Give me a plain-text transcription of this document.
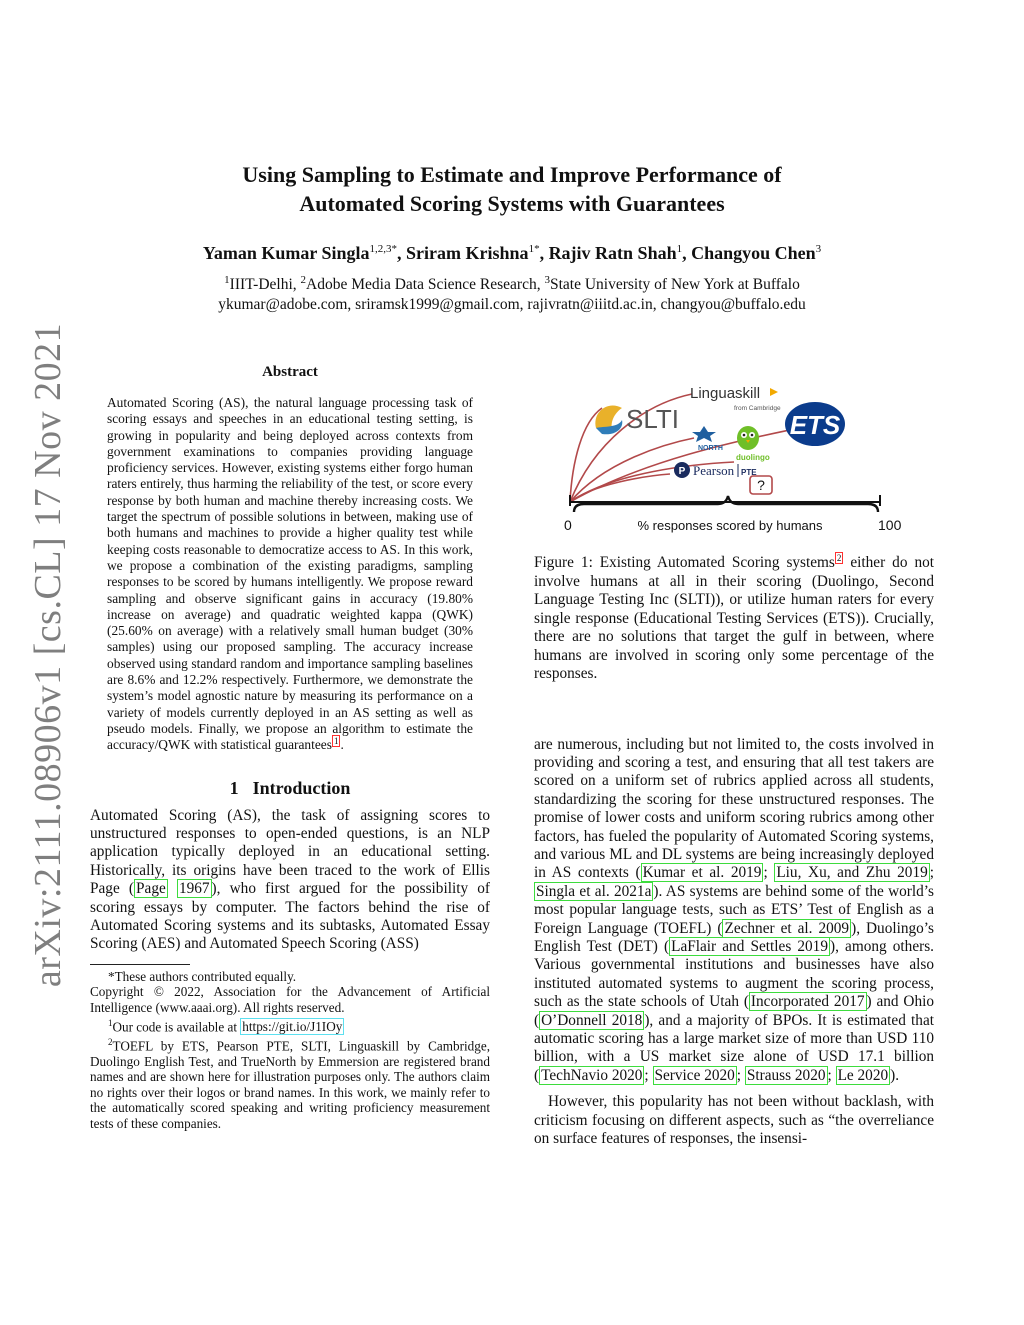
arXiv:2111.08906v1 [cs.CL] 17 Nov 2021
Using Sampling to Estimate and Improve Performance of
Automated Scoring Systems with Guarantees
Yaman Kumar Singla$^{1,2,3*}$, Sriram Krishna$^{1*}$, Rajiv Ratn Shah$^1$, Changyou Chen$^3$
$^1$IIIT-Delhi, $^2$Adobe Media Data Science Research, $^3$State University of New York at Buffalo
ykumar@adobe.com, sriramsk1999@gmail.com, rajivratn@iiitd.ac.in, changyou@buffalo.edu
Abstract
Automated Scoring (AS), the natural language processing task of scoring essays and speeches in an educational testing setting, is growing in popularity and being deployed across contexts from government examinations to companies providing language proficiency services. However, existing systems either forgo human raters entirely, thus harming the reliability of the test, or score every response by both human and machine thereby increasing costs. We target the spectrum of possible solutions in between, making use of both humans and machines to provide a higher quality test while keeping costs reasonable to democratize access to AS. In this work, we propose a combination of the existing paradigms, sampling responses to be scored by humans intelligently. We propose reward sampling and observe significant gains in accuracy (19.80% increase on average) and quadratic weighted kappa (QWK) (25.60% on average) with a relatively small human budget (30% samples) using our proposed sampling. The accuracy increase observed using standard random and importance sampling baselines are 8.6% and 12.2% respectively. Furthermore, we demonstrate the system’s model agnostic nature by measuring its performance on a variety of models currently deployed in an AS setting as well as pseudo models. Finally, we propose an algorithm to estimate the accuracy/QWK with statistical guarantees $^1$ .
1 Introduction
Automated Scoring (AS), the task of assigning scores to unstructured responses to open-ended questions, is an NLP application typically deployed in an educational setting. Historically, its origins have been traced to the work of Ellis Page ( Page 1967 ), who first argued for the possibility of scoring essays by computer. The factors behind the rise of Automated Scoring systems and its subtasks, Automated Essay Scoring (AES) and Automated Speech Scoring (ASS)

*These authors contributed equally.

Copyright © 2022, Association for the Advancement of Artificial Intelligence (www.aaai.org). All rights reserved.

$^1$Our code is available at https://git.io/J1IOy

$^2$TOEFL by ETS, Pearson PTE, SLTI, Linguaskill by Cambridge, Duolingo English Test, and TrueNorth by Emmersion are registered brand names and are shown here for illustration purposes only. The authors claim no rights over their logos or brand names. In this work, we mainly refer to the automatically scored speaking and writing proficiency measurement tests of these companies.

?
SLTI
Linguaskill
from Cambridge
ETS
NORTH
duolingo
P Pearson PTE
0	% responses scored by humans	100
Figure 1: Existing Automated Scoring systems $^2$ either do not involve humans at all in their scoring (Duolingo, Second Language Testing Inc (SLTI)), or utilize human raters for every single response (Educational Testing Services (ETS)). Crucially, there are no solutions that target the gulf in between, where humans are involved in scoring only some percentage of the responses.

are numerous, including but not limited to, the costs involved in providing and scoring a test, and ensuring that all test takers are scored on a uniform set of rubrics applied across all students, standardizing the scoring for these unstructured responses. The promise of lower costs and uniform scoring rubrics among other factors, has fueled the popularity of Automated Scoring systems, and various ML and DL systems are being increasingly deployed in AS contexts ( Kumar et al. 2019 ; Liu, Xu, and Zhu 2019 ; Singla et al. 2021a ). AS systems are behind some of the world’s most popular language tests, such as ETS’ Test of English as a Foreign Language (TOEFL) ( Zechner et al. 2009 ), Duolingo’s English Test (DET) ( LaFlair and Settles 2019 ), among others. Various governmental institutions and businesses have also instituted automated systems to augment the scoring process, such as the state schools of Utah ( Incorporated 2017 ) and Ohio ( O’Donnell 2018 ), and a majority of BPOs. It is estimated that automatic scoring has a large market size of more than USD 110 billion, with a US market size alone of USD 17.1 billion ( TechNavio 2020 ; Service 2020 ; Strauss 2020 ; Le 2020 ).

However, this popularity has not been without backlash, with criticism focusing on different aspects, such as “the overreliance on surface features of responses, the insensi-
